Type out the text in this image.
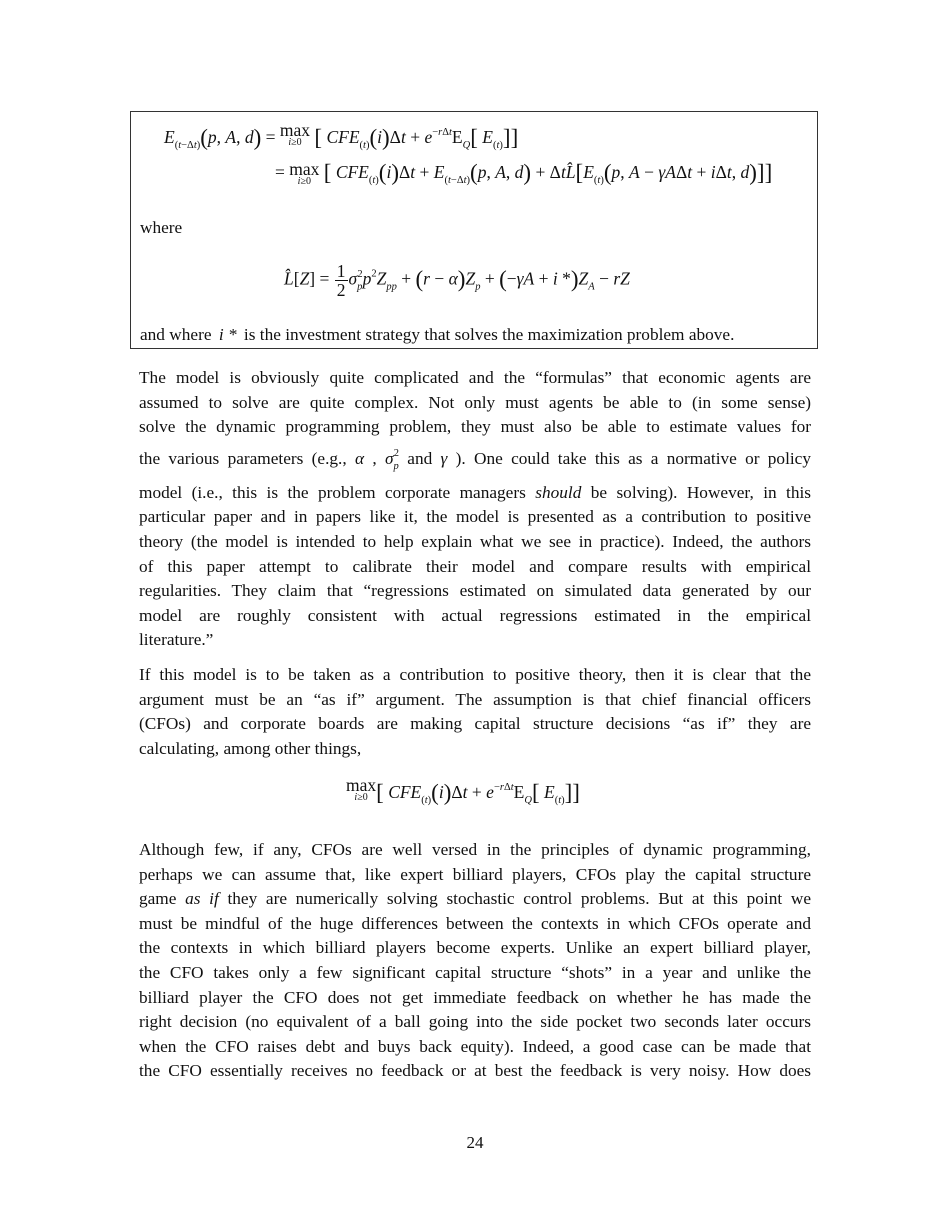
$E_{(t-\Delta t)}(p$, A, d) = max
i≥0 [ $CFE_{(t)}(i)\Delta t + e^{-r\Delta t}E_Q$[ $E_{(t)}$]]
= max
i≥0 [ $CFE_{(t)}(i)\Delta t + E_{(t-\Delta t)}(p$, A, $d) + \Delta tL̂[E_{(t)}(p$, A − γAΔt + iΔt, d)]]
where
L̂[Z] = $\frac{1}{2} \sigma_p^2p^2Z_{pp} + (r - \alpha)Z_p + (-\gamma A + i$ $*)Z_A$ − rZ
and where i * is the investment strategy that solves the maximization problem above.
The model is obviously quite complicated and the “formulas” that economic agents are
assumed to solve are quite complex. Not only must agents be able to (in some sense)
solve the dynamic programming problem, they must also be able to estimate values for
the various parameters (e.g., α , $\sigma_p^2$ and γ ). One could take this as a normative or policy
model (i.e., this is the problem corporate managers should be solving). However, in this
particular paper and in papers like it, the model is presented as a contribution to positive
theory (the model is intended to help explain what we see in practice). Indeed, the authors
of this paper attempt to calibrate their model and compare results with empirical
regularities. They claim that “regressions estimated on simulated data generated by our
model are roughly consistent with actual regressions estimated in the empirical
literature.”
If this model is to be taken as a contribution to positive theory, then it is clear that the
argument must be an “as if” argument. The assumption is that chief financial officers
(CFOs) and corporate boards are making capital structure decisions “as if” they are
calculating, among other things,
max
i≥0 [ $CFE_{(t)}(i)\Delta t + e^{-r\Delta t}E_Q$[ $E_{(t)}$]]
Although few, if any, CFOs are well versed in the principles of dynamic programming,
perhaps we can assume that, like expert billiard players, CFOs play the capital structure
game as if they are numerically solving stochastic control problems. But at this point we
must be mindful of the huge differences between the contexts in which CFOs operate and
the contexts in which billiard players become experts. Unlike an expert billiard player,
the CFO takes only a few significant capital structure “shots” in a year and unlike the
billiard player the CFO does not get immediate feedback on whether he has made the
right decision (no equivalent of a ball going into the side pocket two seconds later occurs
when the CFO raises debt and buys back equity). Indeed, a good case can be made that
the CFO essentially receives no feedback or at best the feedback is very noisy. How does
24
